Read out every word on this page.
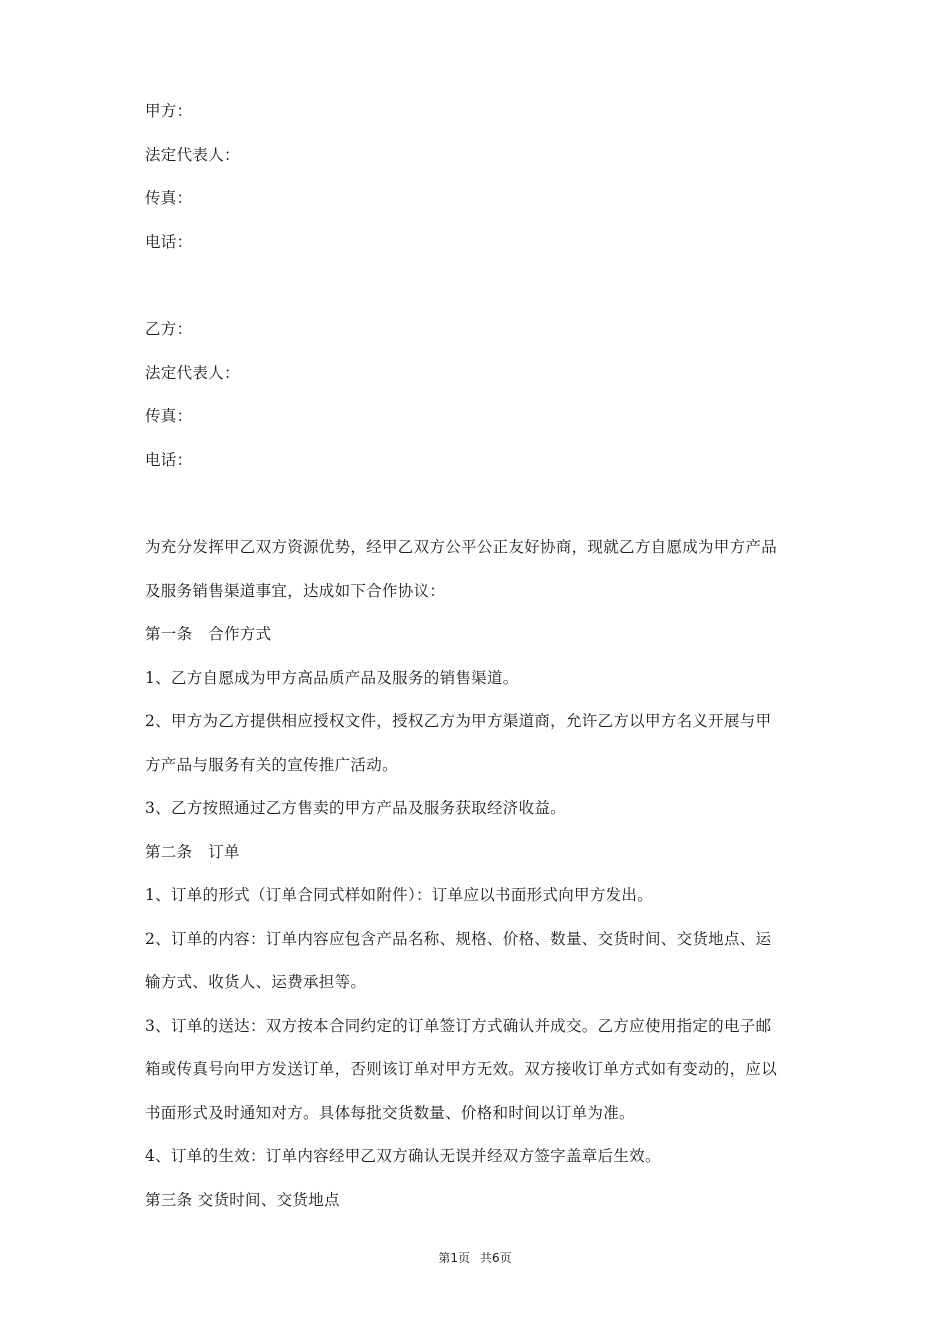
甲方：
法定代表人：
传真：
电话：
乙方：
法定代表人：
传真：
电话：
为充分发挥甲乙双方资源优势，经甲乙双方公平公正友好协商，现就乙方自愿成为甲方产品
及服务销售渠道事宜，达成如下合作协议：
第一条　合作方式
1、乙方自愿成为甲方高品质产品及服务的销售渠道。
2、甲方为乙方提供相应授权文件，授权乙方为甲方渠道商，允许乙方以甲方名义开展与甲
方产品与服务有关的宣传推广活动。
3、乙方按照通过乙方售卖的甲方产品及服务获取经济收益。
第二条　订单
1、订单的形式（订单合同式样如附件）：订单应以书面形式向甲方发出。
2、订单的内容：订单内容应包含产品名称、规格、价格、数量、交货时间、交货地点、运
输方式、收货人、运费承担等。
3、订单的送达：双方按本合同约定的订单签订方式确认并成交。乙方应使用指定的电子邮
箱或传真号向甲方发送订单，否则该订单对甲方无效。双方接收订单方式如有变动的，应以
书面形式及时通知对方。具体每批交货数量、价格和时间以订单为准。
4、订单的生效：订单内容经甲乙双方确认无误并经双方签字盖章后生效。
第三条 交货时间、交货地点
第1页 共6页
